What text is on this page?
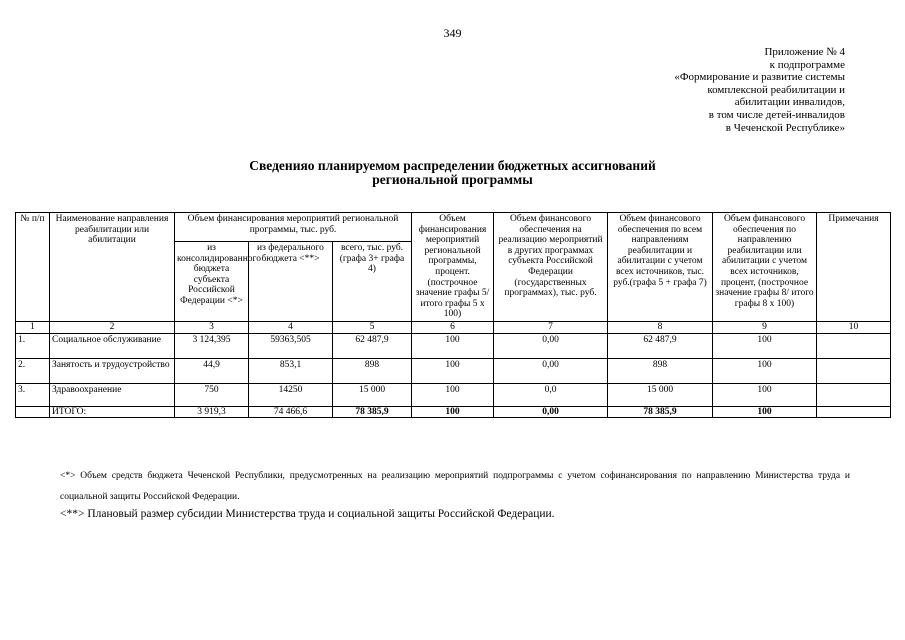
349
Приложение № 4
к подпрограмме
«Формирование и развитие системы
комплексной реабилитации и
абилитации инвалидов,
в том числе детей-инвалидов
в Чеченской Республике»
Сведенияо планируемом распределении бюджетных ассигнований
региональной программы
№ п/п	Наименование направления реабилитации или абилитации	Объем финансирования мероприятий региональной программы, тыс. руб.			Объем финансирования мероприятий региональной программы, процент. (построчное значение графы 5/ итого графы 5 х 100)	Объем финансового обеспечения на реализацию мероприятий в других программах субъекта Российской Федерации (государственных программах), тыс. руб.	Объем финансового обеспечения по всем направлениям реабилитации и абилитации с учетом всех источников, тыс. руб.(графа 5 + графа 7)	Объем финансового обеспечения по направлению реабилитации или абилитации с учетом всех источников, процент, (построчное значение графы 8/ итого графы 8 х 100)	Примечания
		из консолидированного бюджета субъекта Российской Федерации <*>	из федерального бюджета <**>	всего, тыс. руб. (графа 3+ графа 4)					
1	2	3	4	5	6	7	8	9	10
1.	Социальное обслуживание	3 124,395	59363,505	62 487,9	100	0,00	62 487,9	100	
2.	Занятость и трудоустройство	44,9	853,1	898	100	0,00	898	100	
3.	Здравоохранение	750	14250	15 000	100	0,0	15 000	100	
	ИТОГО:	3 919,3	74 466,6	78 385,9	100	0,00	78 385,9	100	
<*> Объем средств бюджета Чеченской Республики, предусмотренных на реализацию мероприятий подпрограммы с учетом софинансирования по направлению Министерства труда и социальной защиты Российской Федерации.
<**> Плановый размер субсидии Министерства труда и социальной защиты Российской Федерации.
